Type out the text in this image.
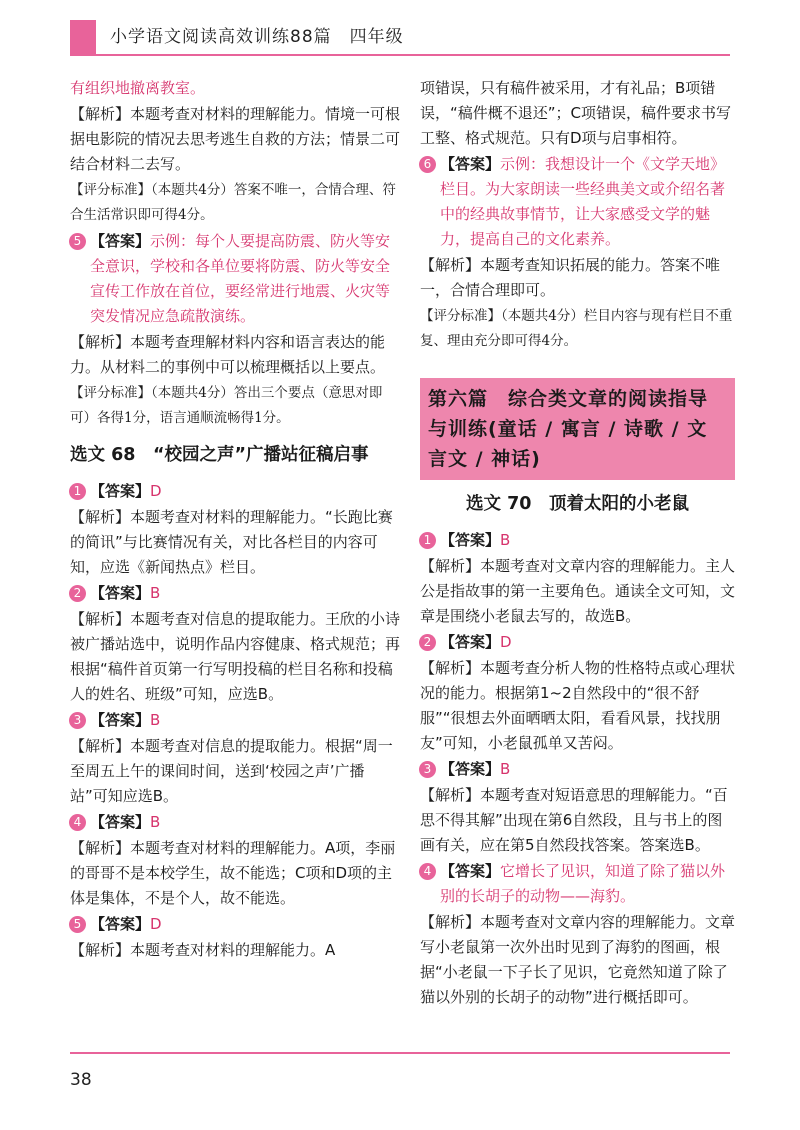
小学语文阅读高效训练88篇　四年级

有组织地撤离教室。

【解析】本题考查对材料的理解能力。情境一可根据电影院的情况去思考逃生自救的方法；情景二可结合材料二去写。

【评分标准】（本题共4分）答案不唯一，合情合理、符合生活常识即可得4分。

5 【答案】示例：每个人要提高防震、防火等安全意识，学校和各单位要将防震、防火等安全宣传工作放在首位，要经常进行地震、火灾等突发情况应急疏散演练。

【解析】本题考查理解材料内容和语言表达的能力。从材料二的事例中可以梳理概括以上要点。

【评分标准】（本题共4分）答出三个要点（意思对即可）各得1分，语言通顺流畅得1分。

选文 68　“校园之声”广播站征稿启事
1 【答案】D

【解析】本题考查对材料的理解能力。“长跑比赛的简讯”与比赛情况有关，对比各栏目的内容可知，应选《新闻热点》栏目。

2 【答案】B

【解析】本题考查对信息的提取能力。王欣的小诗被广播站选中，说明作品内容健康、格式规范；再根据“稿件首页第一行写明投稿的栏目名称和投稿人的姓名、班级”可知，应选B。

3 【答案】B

【解析】本题考查对信息的提取能力。根据“周一至周五上午的课间时间，送到‘校园之声’广播站”可知应选B。

4 【答案】B

【解析】本题考查对材料的理解能力。A项，李丽的哥哥不是本校学生，故不能选；C项和D项的主体是集体，不是个人，故不能选。

5 【答案】D

【解析】本题考查对材料的理解能力。A

项错误，只有稿件被采用，才有礼品；B项错误，“稿件概不退还”；C项错误，稿件要求书写工整、格式规范。只有D项与启事相符。

6 【答案】示例：我想设计一个《文学天地》栏目。为大家朗读一些经典美文或介绍名著中的经典故事情节，让大家感受文学的魅力，提高自己的文化素养。

【解析】本题考查知识拓展的能力。答案不唯一，合情合理即可。

【评分标准】（本题共4分）栏目内容与现有栏目不重复、理由充分即可得4分。

第六篇　综合类文章的阅读指导与训练(童话 / 寓言 / 诗歌 / 文言文 / 神话)
选文 70　顶着太阳的小老鼠
1 【答案】B

【解析】本题考查对文章内容的理解能力。主人公是指故事的第一主要角色。通读全文可知，文章是围绕小老鼠去写的，故选B。

2 【答案】D

【解析】本题考查分析人物的性格特点或心理状况的能力。根据第1~2自然段中的“很不舒服”“很想去外面晒晒太阳，看看风景，找找朋友”可知，小老鼠孤单又苦闷。

3 【答案】B

【解析】本题考查对短语意思的理解能力。“百思不得其解”出现在第6自然段，且与书上的图画有关，应在第5自然段找答案。答案选B。

4 【答案】它增长了见识，知道了除了猫以外别的长胡子的动物——海豹。

【解析】本题考查对文章内容的理解能力。文章写小老鼠第一次外出时见到了海豹的图画，根据“小老鼠一下子长了见识，它竟然知道了除了猫以外别的长胡子的动物”进行概括即可。

38
